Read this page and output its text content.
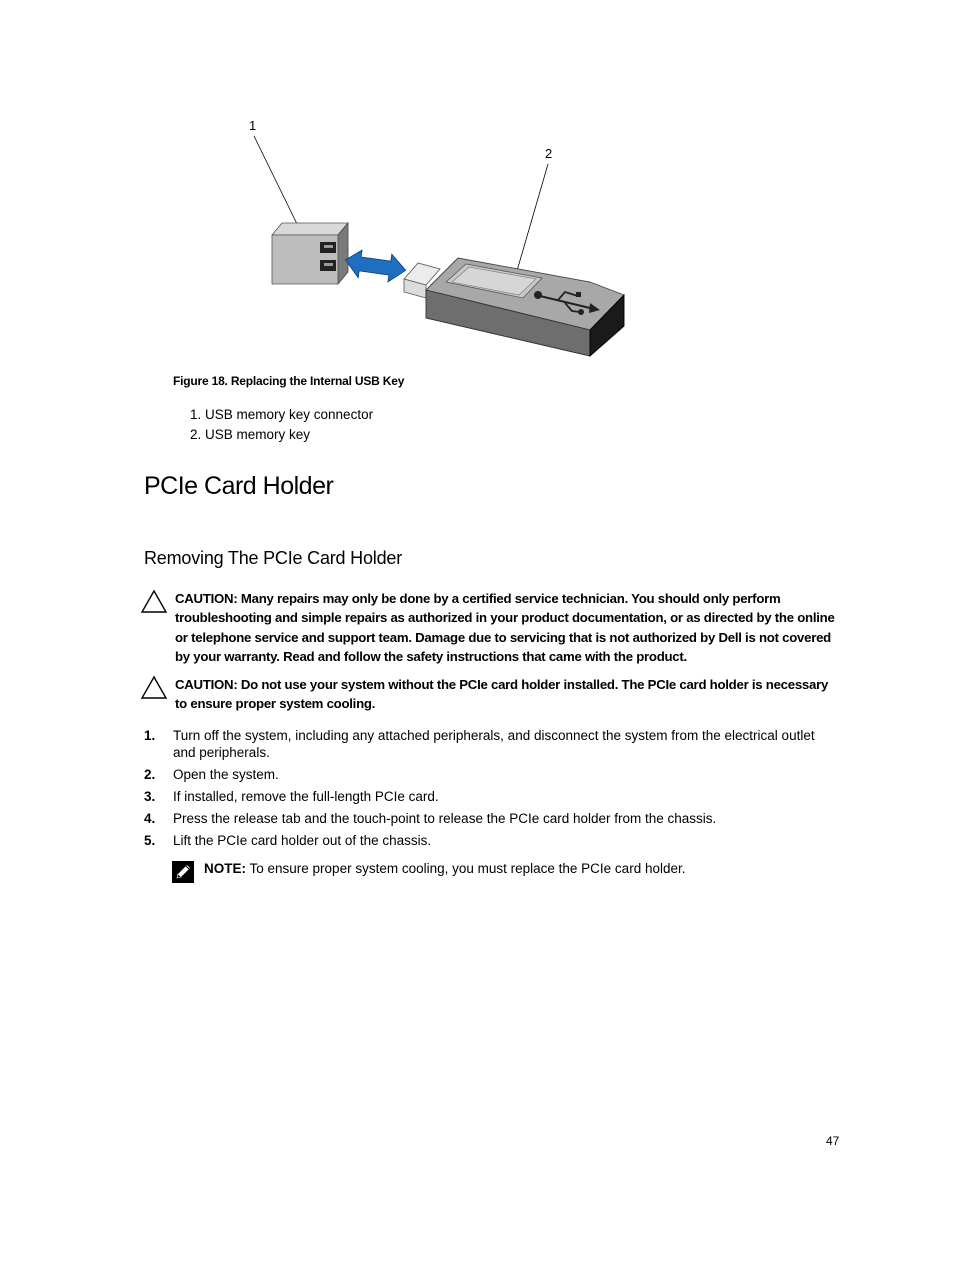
1
2
Figure 18. Replacing the Internal USB Key
1. USB memory key connector
2. USB memory key
PCIe Card Holder
Removing The PCIe Card Holder
CAUTION: Many repairs may only be done by a certified service technician. You should only perform troubleshooting and simple repairs as authorized in your product documentation, or as directed by the online or telephone service and support team. Damage due to servicing that is not authorized by Dell is not covered by your warranty. Read and follow the safety instructions that came with the product.
CAUTION: Do not use your system without the PCIe card holder installed. The PCIe card holder is necessary to ensure proper system cooling.
1. Turn off the system, including any attached peripherals, and disconnect the system from the electrical outlet and peripherals.
2. Open the system.
3. If installed, remove the full-length PCIe card.
4. Press the release tab and the touch-point to release the PCIe card holder from the chassis.
5. Lift the PCIe card holder out of the chassis.
NOTE: To ensure proper system cooling, you must replace the PCIe card holder.
47
